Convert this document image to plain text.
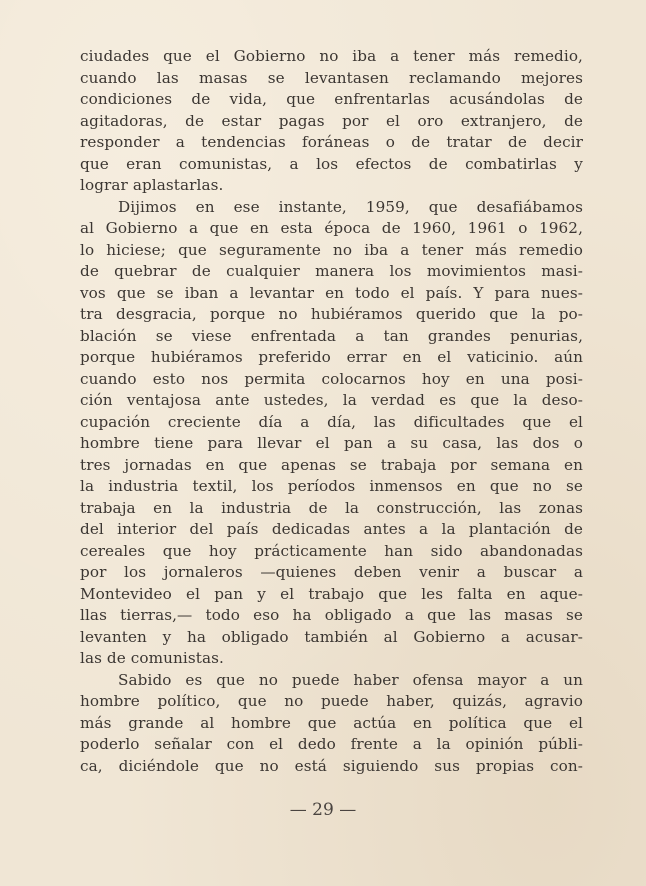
ciudades que el Gobierno no iba a tener más remedio,
cuando las masas se levantasen reclamando mejores
condiciones de vida, que enfrentarlas acusándolas de
agitadoras, de estar pagas por el oro extranjero, de
responder a tendencias foráneas o de tratar de decir
que eran comunistas, a los efectos de combatirlas y
lograr aplastarlas.
Dijimos en ese instante, 1959, que desafiábamos
al Gobierno a que en esta época de 1960, 1961 o 1962,
lo hiciese; que seguramente no iba a tener más remedio
de quebrar de cualquier manera los movimientos masi-
vos que se iban a levantar en todo el país. Y para nues-
tra desgracia, porque no hubiéramos querido que la po-
blación se viese enfrentada a tan grandes penurias,
porque hubiéramos preferido errar en el vaticinio. aún
cuando esto nos permita colocarnos hoy en una posi-
ción ventajosa ante ustedes, la verdad es que la deso-
cupación creciente día a día, las dificultades que el
hombre tiene para llevar el pan a su casa, las dos o
tres jornadas en que apenas se trabaja por semana en
la industria textil, los períodos inmensos en que no se
trabaja en la industria de la construcción, las zonas
del interior del país dedicadas antes a la plantación de
cereales que hoy prácticamente han sido abandonadas
por los jornaleros —quienes deben venir a buscar a
Montevideo el pan y el trabajo que les falta en aque-
llas tierras,— todo eso ha obligado a que las masas se
levanten y ha obligado también al Gobierno a acusar-
las de comunistas.
Sabido es que no puede haber ofensa mayor a un
hombre político, que no puede haber, quizás, agravio
más grande al hombre que actúa en política que el
poderlo señalar con el dedo frente a la opinión públi-
ca, diciéndole que no está siguiendo sus propias con-
— 29 —
